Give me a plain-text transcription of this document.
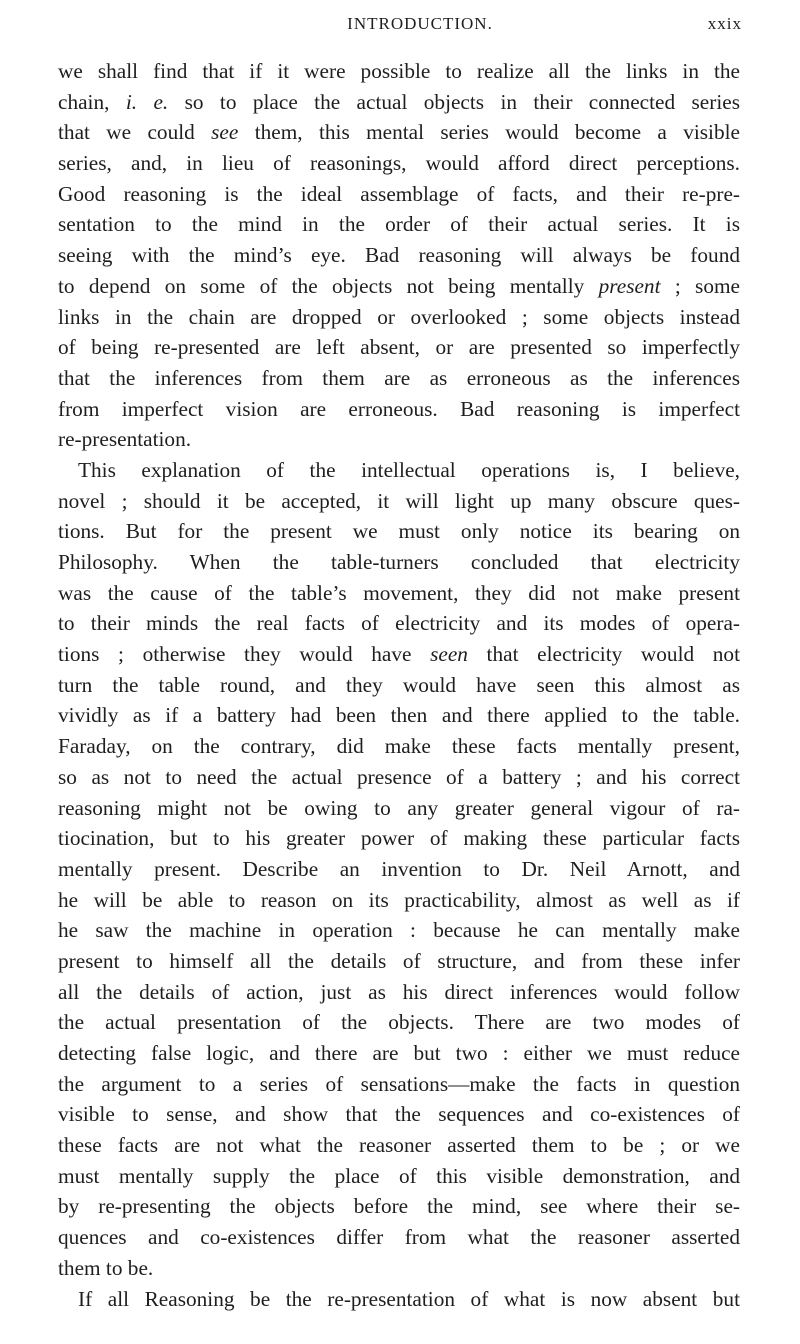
INTRODUCTION.	xxix
we shall find that if it were possible to realize all the links in the
chain, i. e. so to place the actual objects in their connected series
that we could see them, this mental series would become a visible
series, and, in lieu of reasonings, would afford direct perceptions.
Good reasoning is the ideal assemblage of facts, and their re-pre-
sentation to the mind in the order of their actual series. It is
seeing with the mind’s eye. Bad reasoning will always be found
to depend on some of the objects not being mentally present ; some
links in the chain are dropped or overlooked ; some objects instead
of being re-presented are left absent, or are presented so imperfectly
that the inferences from them are as erroneous as the inferences
from imperfect vision are erroneous. Bad reasoning is imperfect
re-presentation.
This explanation of the intellectual operations is, I believe,
novel ; should it be accepted, it will light up many obscure ques-
tions. But for the present we must only notice its bearing on
Philosophy. When the table-turners concluded that electricity
was the cause of the table’s movement, they did not make present
to their minds the real facts of electricity and its modes of opera-
tions ; otherwise they would have seen that electricity would not
turn the table round, and they would have seen this almost as
vividly as if a battery had been then and there applied to the table.
Faraday, on the contrary, did make these facts mentally present,
so as not to need the actual presence of a battery ; and his correct
reasoning might not be owing to any greater general vigour of ra-
tiocination, but to his greater power of making these particular facts
mentally present. Describe an invention to Dr. Neil Arnott, and
he will be able to reason on its practicability, almost as well as if
he saw the machine in operation : because he can mentally make
present to himself all the details of structure, and from these infer
all the details of action, just as his direct inferences would follow
the actual presentation of the objects. There are two modes of
detecting false logic, and there are but two : either we must reduce
the argument to a series of sensations—make the facts in question
visible to sense, and show that the sequences and co-existences of
these facts are not what the reasoner asserted them to be ; or we
must mentally supply the place of this visible demonstration, and
by re-presenting the objects before the mind, see where their se-
quences and co-existences differ from what the reasoner asserted
them to be.
If all Reasoning be the re-presentation of what is now absent but
